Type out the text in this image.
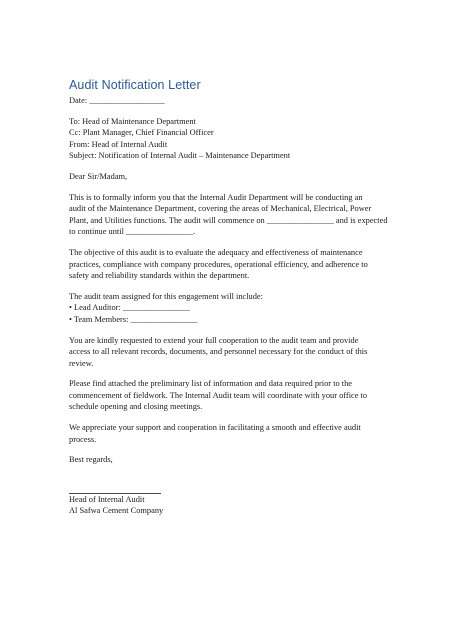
Audit Notification Letter
Date: __________________
To: Head of Maintenance Department
Cc: Plant Manager, Chief Financial Officer
From: Head of Internal Audit
Subject: Notification of Internal Audit – Maintenance Department
Dear Sir/Madam,
This is to formally inform you that the Internal Audit Department will be conducting an
audit of the Maintenance Department, covering the areas of Mechanical, Electrical, Power
Plant, and Utilities functions. The audit will commence on ________________ and is expected
to continue until ________________.
The objective of this audit is to evaluate the adequacy and effectiveness of maintenance
practices, compliance with company procedures, operational efficiency, and adherence to
safety and reliability standards within the department.
The audit team assigned for this engagement will include:
• Lead Auditor: ________________
• Team Members: ________________
You are kindly requested to extend your full cooperation to the audit team and provide
access to all relevant records, documents, and personnel necessary for the conduct of this
review.
Please find attached the preliminary list of information and data required prior to the
commencement of fieldwork. The Internal Audit team will coordinate with your office to
schedule opening and closing meetings.
We appreciate your support and cooperation in facilitating a smooth and effective audit
process.
Best regards,
Head of Internal Audit
Al Safwa Cement Company
